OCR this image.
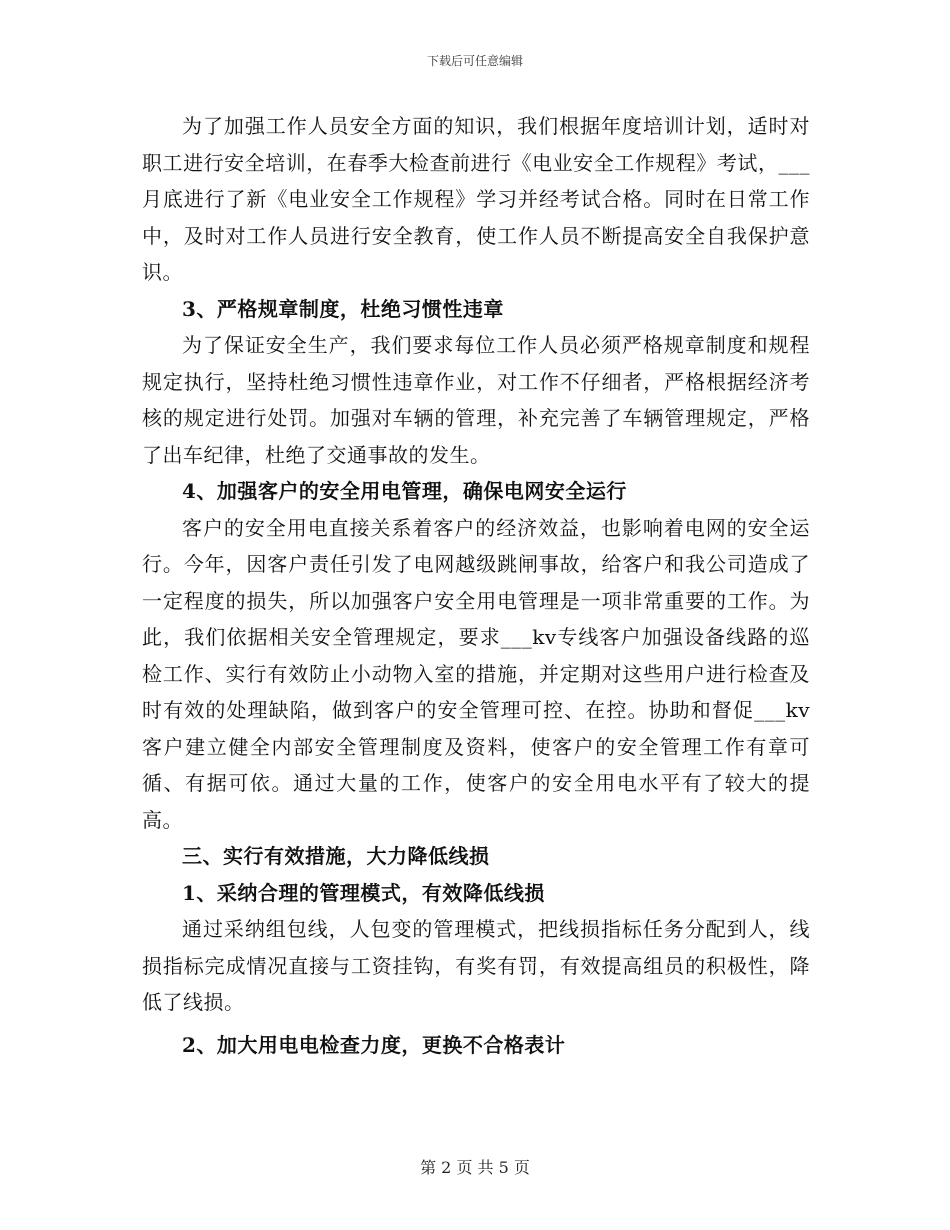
下载后可任意编辑

为了加强工作人员安全方面的知识，我们根据年度培训计划，适时对职工进行安全培训，在春季大检查前进行《电业安全工作规程》考试，___月底进行了新《电业安全工作规程》学习并经考试合格。同时在日常工作中，及时对工作人员进行安全教育，使工作人员不断提高安全自我保护意识。

3、严格规章制度，杜绝习惯性违章

为了保证安全生产，我们要求每位工作人员必须严格规章制度和规程规定执行，坚持杜绝习惯性违章作业，对工作不仔细者，严格根据经济考核的规定进行处罚。加强对车辆的管理，补充完善了车辆管理规定，严格了出车纪律，杜绝了交通事故的发生。

4、加强客户的安全用电管理，确保电网安全运行

客户的安全用电直接关系着客户的经济效益，也影响着电网的安全运行。今年，因客户责任引发了电网越级跳闸事故，给客户和我公司造成了一定程度的损失，所以加强客户安全用电管理是一项非常重要的工作。为此，我们依据相关安全管理规定，要求___kv专线客户加强设备线路的巡检工作、实行有效防止小动物入室的措施，并定期对这些用户进行检查及时有效的处理缺陷，做到客户的安全管理可控、在控。协助和督促___kv客户建立健全内部安全管理制度及资料，使客户的安全管理工作有章可循、有据可依。通过大量的工作，使客户的安全用电水平有了较大的提高。

三、实行有效措施，大力降低线损

1、采纳合理的管理模式，有效降低线损

通过采纳组包线，人包变的管理模式，把线损指标任务分配到人，线损指标完成情况直接与工资挂钩，有奖有罚，有效提高组员的积极性，降低了线损。

2、加大用电电检查力度，更换不合格表计

第 2 页 共 5 页
